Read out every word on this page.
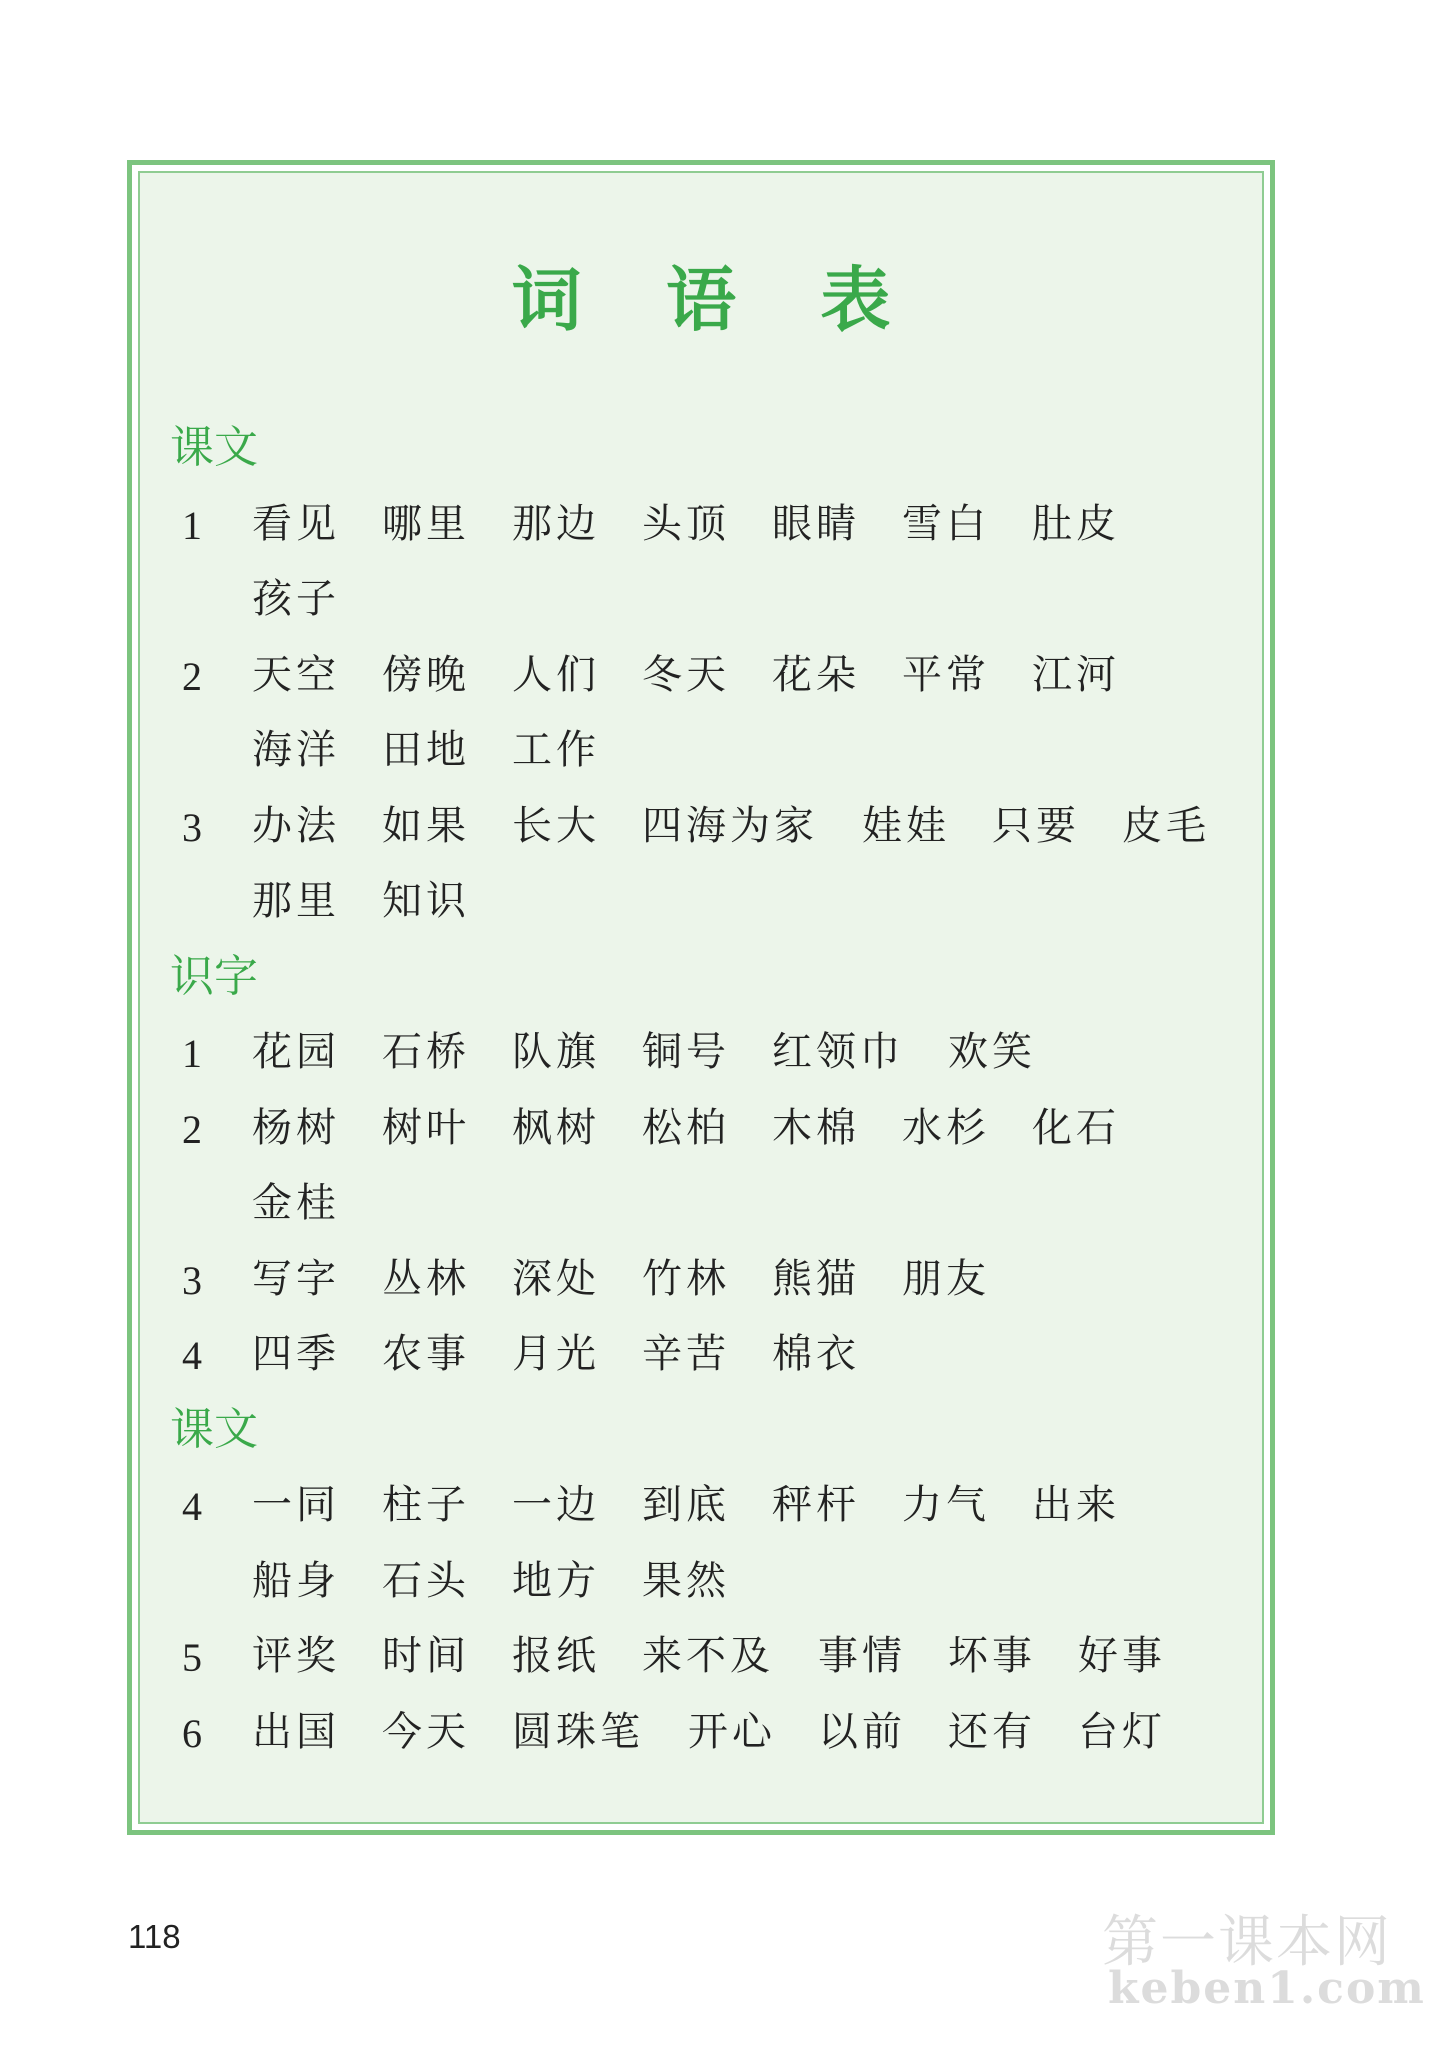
词 语 表
课文
1 看见 哪里 那边 头顶 眼睛 雪白 肚皮
孩子
2 天空 傍晚 人们 冬天 花朵 平常 江河
海洋 田地 工作
3 办法 如果 长大 四海为家 娃娃 只要 皮毛
那里 知识
识字
1 花园 石桥 队旗 铜号 红领巾 欢笑
2 杨树 树叶 枫树 松柏 木棉 水杉 化石
金桂
3 写字 丛林 深处 竹林 熊猫 朋友
4 四季 农事 月光 辛苦 棉衣
课文
4 一同 柱子 一边 到底 秤杆 力气 出来
船身 石头 地方 果然
5 评奖 时间 报纸 来不及 事情 坏事 好事
6 出国 今天 圆珠笔 开心 以前 还有 台灯
118	第一课本网
keben1.com
